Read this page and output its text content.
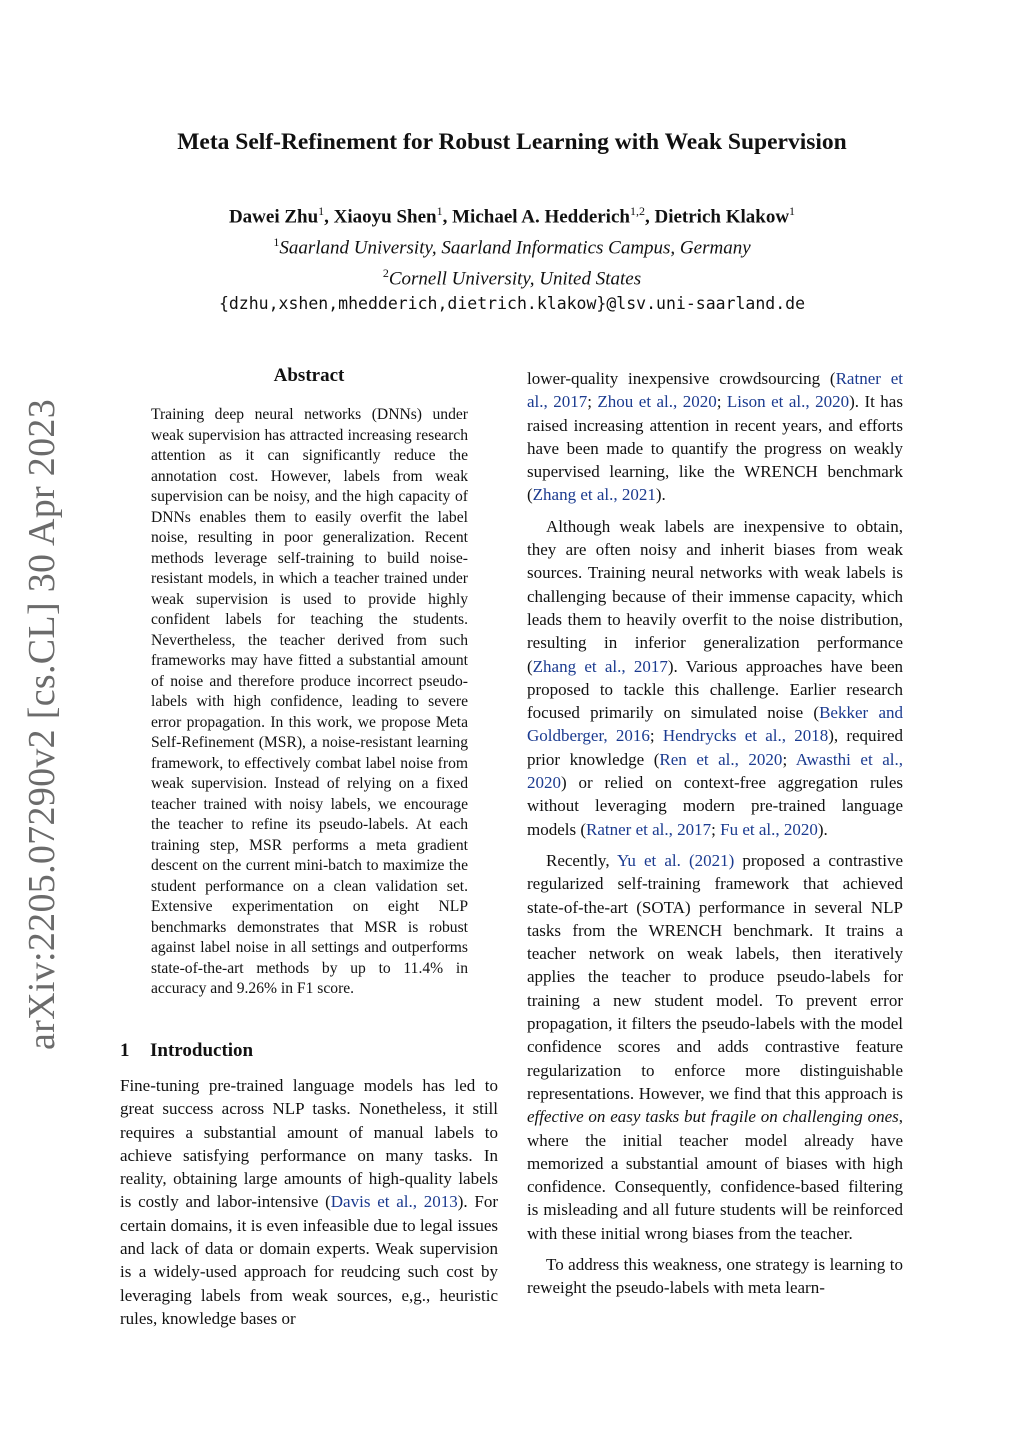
arXiv:2205.07290v2 [cs.CL] 30 Apr 2023
Meta Self-Refinement for Robust Learning with Weak Supervision
Dawei Zhu$^1$, Xiaoyu Shen$^1$, Michael A. Hedderich$^{1,2}$, Dietrich Klakow$^1$
$^1$Saarland University, Saarland Informatics Campus, Germany
$^2$Cornell University, United States
{dzhu,xshen,mhedderich,dietrich.klakow}@lsv.uni-saarland.de
Abstract

Training deep neural networks (DNNs) under weak supervision has attracted increasing research attention as it can significantly reduce the annotation cost. However, labels from weak supervision can be noisy, and the high capacity of DNNs enables them to easily overfit the label noise, resulting in poor generalization. Recent methods leverage self-training to build noise-resistant models, in which a teacher trained under weak supervision is used to provide highly confident labels for teaching the students. Nevertheless, the teacher derived from such frameworks may have fitted a substantial amount of noise and therefore produce incorrect pseudo-labels with high confidence, leading to severe error propagation. In this work, we propose Meta Self-Refinement (MSR), a noise-resistant learning framework, to effectively combat label noise from weak supervision. Instead of relying on a fixed teacher trained with noisy labels, we encourage the teacher to refine its pseudo-labels. At each training step, MSR performs a meta gradient descent on the current mini-batch to maximize the student performance on a clean validation set. Extensive experimentation on eight NLP benchmarks demonstrates that MSR is robust against label noise in all settings and outperforms state-of-the-art methods by up to 11.4% in accuracy and 9.26% in F1 score.

1 Introduction

Fine-tuning pre-trained language models has led to great success across NLP tasks. Nonetheless, it still requires a substantial amount of manual labels to achieve satisfying performance on many tasks. In reality, obtaining large amounts of high-quality labels is costly and labor-intensive (Davis et al., 2013). For certain domains, it is even infeasible due to legal issues and lack of data or domain experts. Weak supervision is a widely-used approach for reudcing such cost by leveraging labels from weak sources, e,g., heuristic rules, knowledge bases or

lower-quality inexpensive crowdsourcing (Ratner et al., 2017; Zhou et al., 2020; Lison et al., 2020). It has raised increasing attention in recent years, and efforts have been made to quantify the progress on weakly supervised learning, like the WRENCH benchmark (Zhang et al., 2021).

Although weak labels are inexpensive to obtain, they are often noisy and inherit biases from weak sources. Training neural networks with weak labels is challenging because of their immense capacity, which leads them to heavily overfit to the noise distribution, resulting in inferior generalization performance (Zhang et al., 2017). Various approaches have been proposed to tackle this challenge. Earlier research focused primarily on simulated noise (Bekker and Goldberger, 2016; Hendrycks et al., 2018), required prior knowledge (Ren et al., 2020; Awasthi et al., 2020) or relied on context-free aggregation rules without leveraging modern pre-trained language models (Ratner et al., 2017; Fu et al., 2020).

Recently, Yu et al. (2021) proposed a contrastive regularized self-training framework that achieved state-of-the-art (SOTA) performance in several NLP tasks from the WRENCH benchmark. It trains a teacher network on weak labels, then iteratively applies the teacher to produce pseudo-labels for training a new student model. To prevent error propagation, it filters the pseudo-labels with the model confidence scores and adds contrastive feature regularization to enforce more distinguishable representations. However, we find that this approach is effective on easy tasks but fragile on challenging ones, where the initial teacher model already have memorized a substantial amount of biases with high confidence. Consequently, confidence-based filtering is misleading and all future students will be reinforced with these initial wrong biases from the teacher.

To address this weakness, one strategy is learning to reweight the pseudo-labels with meta learn-
